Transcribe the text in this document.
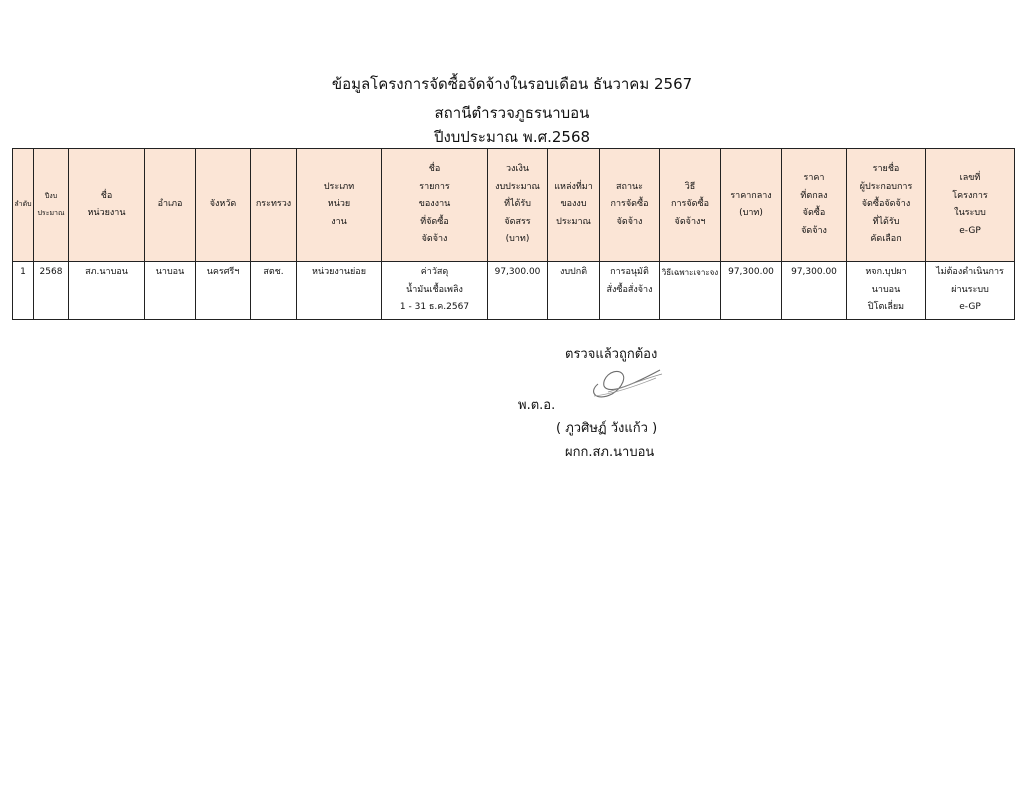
ข้อมูลโครงการจัดซื้อจัดจ้างในรอบเดือน ธันวาคม 2567
สถานีตำรวจภูธรนาบอน
ปีงบประมาณ พ.ศ.2568
ลำดับ	ปีงบ
ประมาณ	ชื่อ
หน่วยงาน	อำเภอ	จังหวัด	กระทรวง	ประเภท
หน่วย
งาน	ชื่อ
รายการ
ของงาน
ที่จัดซื้อ
จัดจ้าง	วงเงิน
งบประมาณ
ที่ได้รับ
จัดสรร
(บาท)	แหล่งที่มา
ของงบ
ประมาณ	สถานะ
การจัดซื้อ
จัดจ้าง	วิธี
การจัดซื้อ
จัดจ้างฯ	ราคากลาง
(บาท)	ราคา
ที่ตกลง
จัดซื้อ
จัดจ้าง	รายชื่อ
ผู้ประกอบการ
จัดซื้อจัดจ้าง
ที่ได้รับ
คัดเลือก	เลขที่
โครงการ
ในระบบ
e-GP

1	2568	สภ.นาบอน	นาบอน	นครศรีฯ	สตช.	หน่วยงานย่อย	ค่าวัสดุ
น้ำมันเชื้อเพลิง
1 - 31 ธ.ค.2567	97,300.00	งบปกติ	การอนุมัติ
สั่งซื้อสั่งจ้าง	วิธีเฉพาะเจาะจง	97,300.00	97,300.00	หจก.บุปผา
นาบอน
ปิโตเลี่ยม	ไม่ต้องดำเนินการ
ผ่านระบบ
e-GP
ตรวจแล้วถูกต้อง
พ.ต.อ.
( ภูวศิษฏ์ วังแก้ว )
ผกก.สภ.นาบอน
